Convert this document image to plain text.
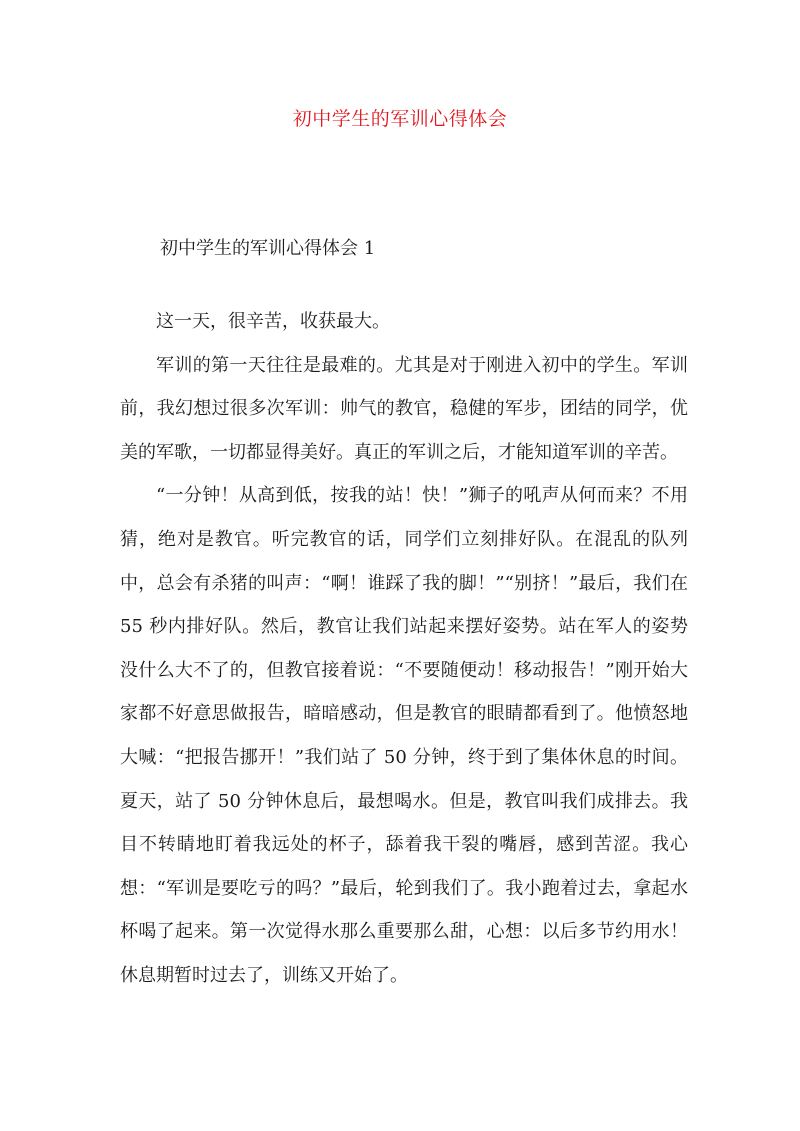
初中学生的军训心得体会
初中学生的军训心得体会 1

这一天，很辛苦，收获最大。

军训的第一天往往是最难的。尤其是对于刚进入初中的学生。军训前，我幻想过很多次军训：帅气的教官，稳健的军步，团结的同学，优美的军歌，一切都显得美好。真正的军训之后，才能知道军训的辛苦。

“一分钟！从高到低，按我的站！快！”狮子的吼声从何而来？不用猜，绝对是教官。听完教官的话，同学们立刻排好队。在混乱的队列中，总会有杀猪的叫声：“啊！谁踩了我的脚！”“别挤！”最后，我们在 55 秒内排好队。然后，教官让我们站起来摆好姿势。站在军人的姿势没什么大不了的，但教官接着说：“不要随便动！移动报告！”刚开始大家都不好意思做报告，暗暗感动，但是教官的眼睛都看到了。他愤怒地大喊：“把报告挪开！”我们站了 50 分钟，终于到了集体休息的时间。夏天，站了 50 分钟休息后，最想喝水。但是，教官叫我们成排去。我目不转睛地盯着我远处的杯子，舔着我干裂的嘴唇，感到苦涩。我心想：“军训是要吃亏的吗？”最后，轮到我们了。我小跑着过去，拿起水杯喝了起来。第一次觉得水那么重要那么甜，心想：以后多节约用水！休息期暂时过去了，训练又开始了。
